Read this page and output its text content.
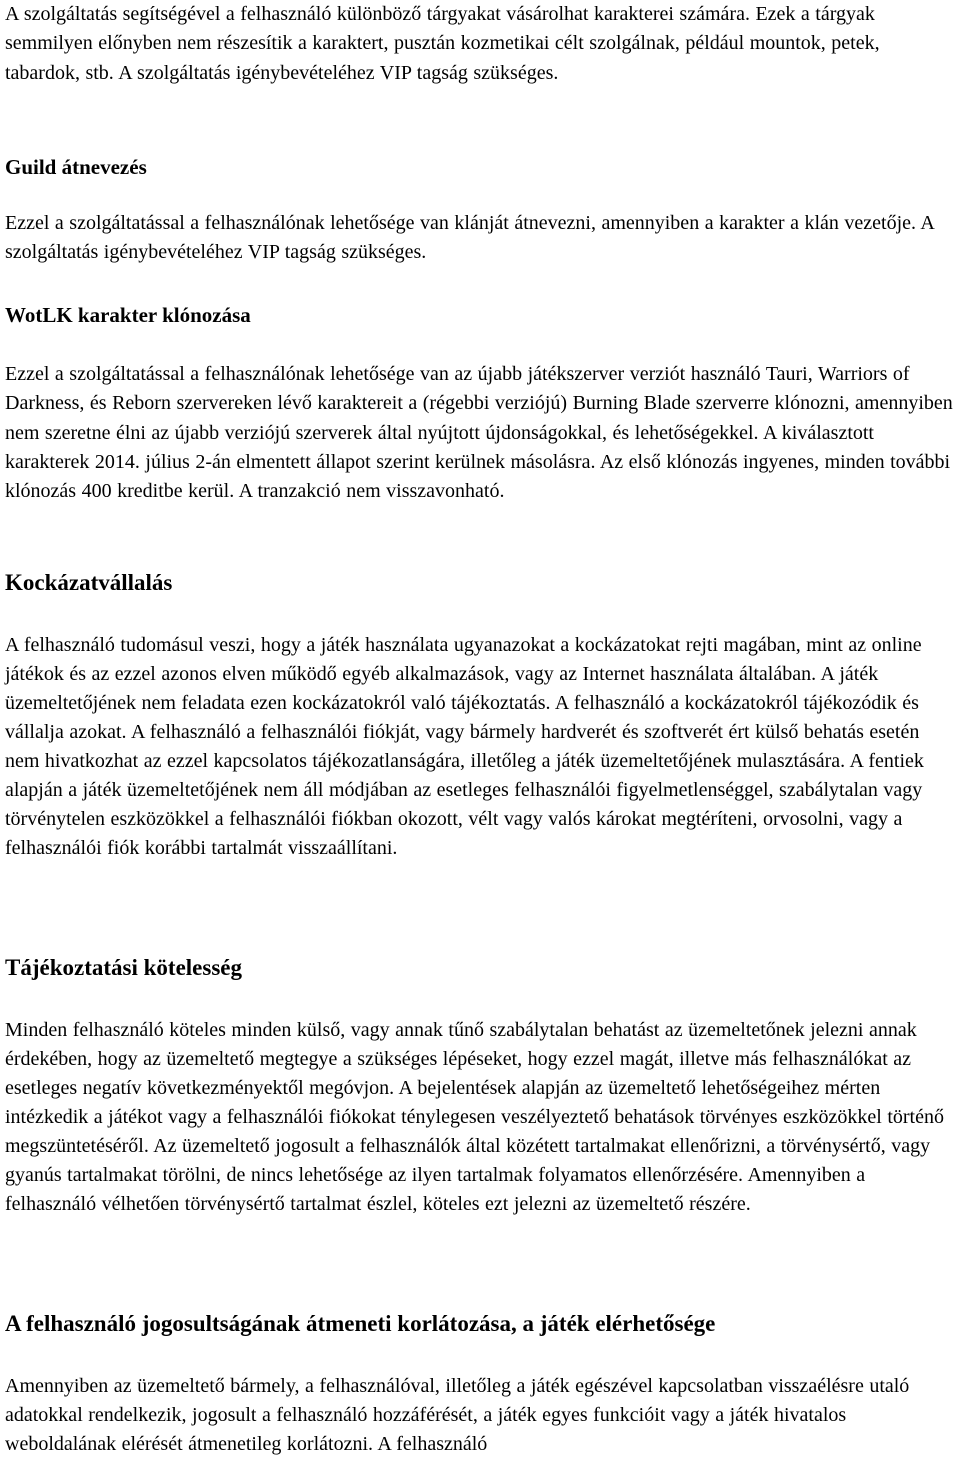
A szolgáltatás segítségével a felhasználó különböző tárgyakat vásárolhat karakterei számára. Ezek a tárgyak semmilyen előnyben nem részesítik a karaktert, pusztán kozmetikai célt szolgálnak, például mountok, petek, tabardok, stb. A szolgáltatás igénybevételéhez VIP tagság szükséges.

Guild átnevezés

Ezzel a szolgáltatással a felhasználónak lehetősége van klánját átnevezni, amennyiben a karakter a klán vezetője. A szolgáltatás igénybevételéhez VIP tagság szükséges.

WotLK karakter klónozása

Ezzel a szolgáltatással a felhasználónak lehetősége van az újabb játékszerver verziót használó Tauri, Warriors of Darkness, és Reborn szervereken lévő karaktereit a (régebbi verziójú) Burning Blade szerverre klónozni, amennyiben nem szeretne élni az újabb verziójú szerverek által nyújtott újdonságokkal, és lehetőségekkel. A kiválasztott karakterek 2014. július 2-án elmentett állapot szerint kerülnek másolásra. Az első klónozás ingyenes, minden további klónozás 400 kreditbe kerül. A tranzakció nem visszavonható.

Kockázatvállalás

A felhasználó tudomásul veszi, hogy a játék használata ugyanazokat a kockázatokat rejti magában, mint az online játékok és az ezzel azonos elven működő egyéb alkalmazások, vagy az Internet használata általában. A játék üzemeltetőjének nem feladata ezen kockázatokról való tájékoztatás. A felhasználó a kockázatokról tájékozódik és vállalja azokat. A felhasználó a felhasználói fiókját, vagy bármely hardverét és szoftverét ért külső behatás esetén nem hivatkozhat az ezzel kapcsolatos tájékozatlanságára, illetőleg a játék üzemeltetőjének mulasztására. A fentiek alapján a játék üzemeltetőjének nem áll módjában az esetleges felhasználói figyelmetlenséggel, szabálytalan vagy törvénytelen eszközökkel a felhasználói fiókban okozott, vélt vagy valós károkat megtéríteni, orvosolni, vagy a felhasználói fiók korábbi tartalmát visszaállítani.

Tájékoztatási kötelesség

Minden felhasználó köteles minden külső, vagy annak tűnő szabálytalan behatást az üzemeltetőnek jelezni annak érdekében, hogy az üzemeltető megtegye a szükséges lépéseket, hogy ezzel magát, illetve más felhasználókat az esetleges negatív következményektől megóvjon. A bejelentések alapján az üzemeltető lehetőségeihez mérten intézkedik a játékot vagy a felhasználói fiókokat ténylegesen veszélyeztető behatások törvényes eszközökkel történő megszüntetéséről. Az üzemeltető jogosult a felhasználók által közétett tartalmakat ellenőrizni, a törvénysértő, vagy gyanús tartalmakat törölni, de nincs lehetősége az ilyen tartalmak folyamatos ellenőrzésére. Amennyiben a felhasználó vélhetően törvénysértő tartalmat észlel, köteles ezt jelezni az üzemeltető részére.

A felhasználó jogosultságának átmeneti korlátozása, a játék elérhetősége

Amennyiben az üzemeltető bármely, a felhasználóval, illetőleg a játék egészével kapcsolatban visszaélésre utaló adatokkal rendelkezik, jogosult a felhasználó hozzáférését, a játék egyes funkcióit vagy a játék hivatalos weboldalának elérését átmenetileg korlátozni. A felhasználó
